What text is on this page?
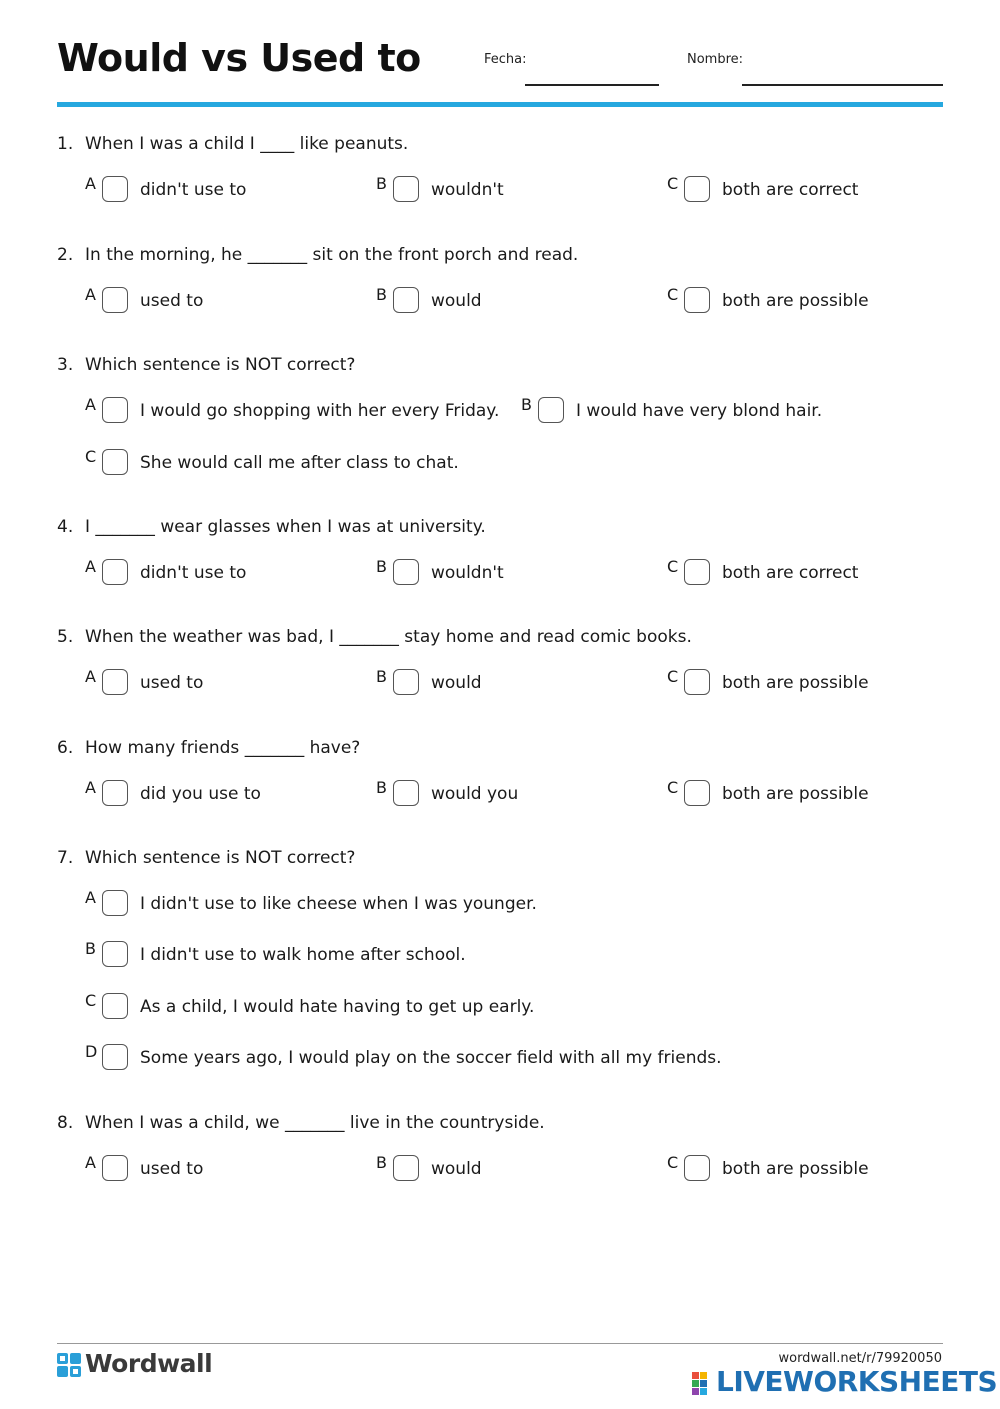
Would vs Used to	Fecha:	Nombre:
1. When I was a child I ____ like peanuts.
A	didn't use to	B	wouldn't	C	both are correct
2. In the morning, he _______ sit on the front porch and read.
A	used to	B	would	C	both are possible
3. Which sentence is NOT correct?
A	I would go shopping with her every Friday. B	I would have very blond hair.
C	She would call me after class to chat.
4. I _______ wear glasses when I was at university.
A	didn't use to	B	wouldn't	C	both are correct
5. When the weather was bad, I _______ stay home and read comic books.
A	used to	B	would	C	both are possible
6. How many friends _______ have?
A	did you use to	B	would you	C	both are possible
7. Which sentence is NOT correct?
A	I didn't use to like cheese when I was younger.
B	I didn't use to walk home after school.
C	As a child, I would hate having to get up early.
D	Some years ago, I would play on the soccer field with all my friends.
8. When I was a child, we _______ live in the countryside.
A	used to	B	would	C	both are possible
Wordwall	wordwall.net/r/79920050
LIVEWORKSHEETS
